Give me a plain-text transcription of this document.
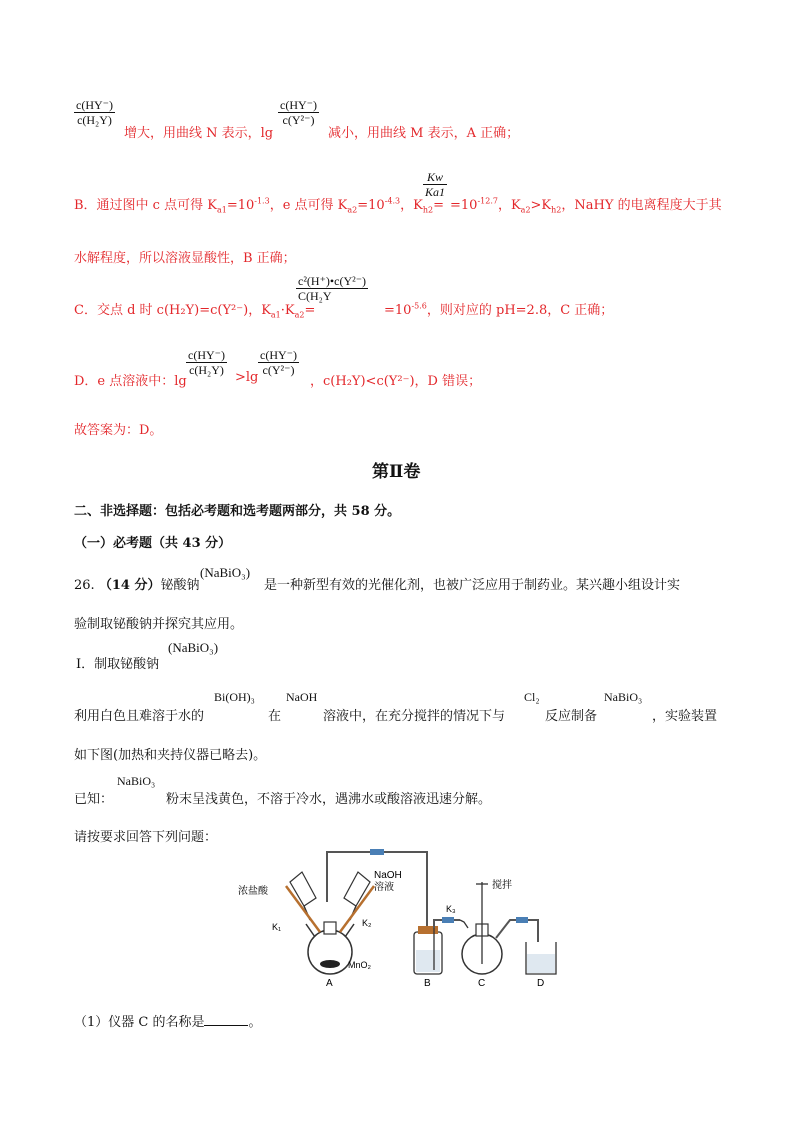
c(HY⁻)
c(H₂Y)
增大，用曲线 N 表示，lg
c(HY⁻)
c(Y²⁻)
减小，用曲线 M 表示，A 正确；
B．通过图中 c 点可得 $K_{a1}=10^{-1.3}$，e 点可得 $K_{a2}=10^{-4.3}$，$K_{h2}=$
Kw
Ka1
$=10^{-12.7}$，$K_{a2}>K_{h2}$，NaHY 的电离程度大于其
水解程度，所以溶液显酸性，B 正确；
C．交点 d 时 c(H₂Y)=c(Y²⁻)，$K_{a1}\cdot K_{a2}=$
c²(H⁺)•c(Y²⁻)
C(H₂Y
$=10^{-5.6}$，则对应的 pH=2.8，C 正确；
D．e 点溶液中：lg
c(HY⁻)
c(H₂Y) >lg
c(HY⁻)
c(Y²⁻)
，c(H₂Y)<c(Y²⁻)，D 错误；
故答案为：D。
第Ⅱ卷
二、非选择题：包括必考题和选考题两部分，共 58 分。
（一）必考题（共 43 分）
26. （14 分）铋酸钠
(NaBiO₃)
是一种新型有效的光催化剂，也被广泛应用于制药业。某兴趣小组设计实
验制取铋酸钠并探究其应用。
Ⅰ．制取铋酸钠
(NaBiO₃)
利用白色且难溶于水的
Bi(OH)₃
在
NaOH
溶液中，在充分搅拌的情况下与
Cl₂
反应制备
NaBiO₃
，实验装置
如下图(加热和夹持仪器已略去)。
已知：
NaBiO₃
粉末呈浅黄色，不溶于冷水，遇沸水或酸溶液迅速分解。
请按要求回答下列问题：
浓盐酸
K₁
NaOH
溶液
K₂
K₃
搅拌
MnO₂
A	B	C	D
（1）仪器 C 的名称是	。
